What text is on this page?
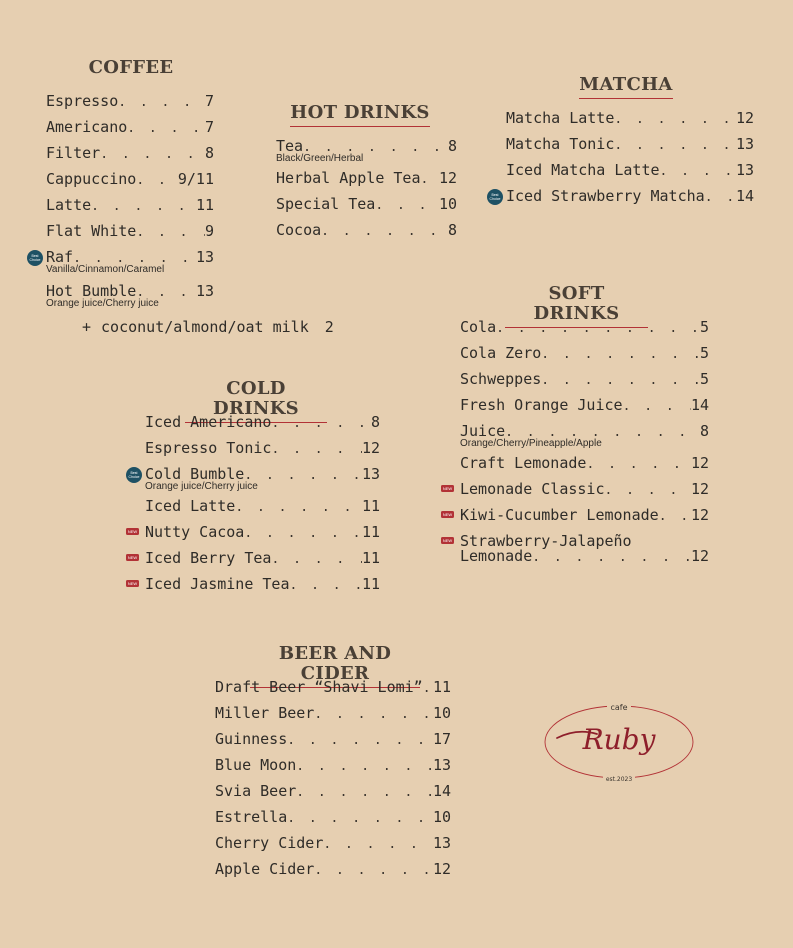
COFFEE
Espresso . . .	7
Americano . . .	7
Filter . . .	8
Cappuccino . . .	9/11
Latte . . .	11
Flat White . . .	9
Best
Choice Raf . . .	13
Vanilla/Cinnamon/Caramel
Hot Bumble . . .	13
Orange juice/Cherry juice
+ coconut/almond/oat milk 2
HOT DRINKS
Tea . . .	8
Black/Green/Herbal
Herbal Apple Tea . . . 12
Special Tea . . .	10
Cocoa . . .	8
MATCHA
Matcha Latte . . .	12
Matcha Tonic . . .	13
Iced Matcha Latte . . .	13
Best
Choice Iced Strawberry Matcha . . . 14
SOFT DRINKS
Cola . . .	5
Cola Zero . . .	5
Schweppes . . .	5
Fresh Orange Juice . . .	14
Juice . . .	8
Orange/Cherry/Pineapple/Apple
Craft Lemonade . . .	12
NEW Lemonade Classic . . .	12
NEW Kiwi-Cucumber Lemonade . . . 12
NEW Strawberry-Jalapeño
Lemonade . . .	12
COLD DRINKS
Iced Americano . . .	8
Espresso Tonic . . .	12
Best
Choice Cold Bumble . . .	13
Orange juice/Cherry juice
Iced Latte . . .	11
NEW Nutty Cacoa . . .	11
NEW Iced Berry Tea . . .	11
NEW Iced Jasmine Tea . . .	11
BEER AND CIDER
Draft Beer “Shavi Lomi” . . . 11
Miller Beer . . .	10
Guinness . . .	17
Blue Moon . . .	13
Svia Beer . . .	14
Estrella . . .	10
Cherry Cider . . .	13
Apple Cider . . .	12
cafe
Ruby
est.2023
